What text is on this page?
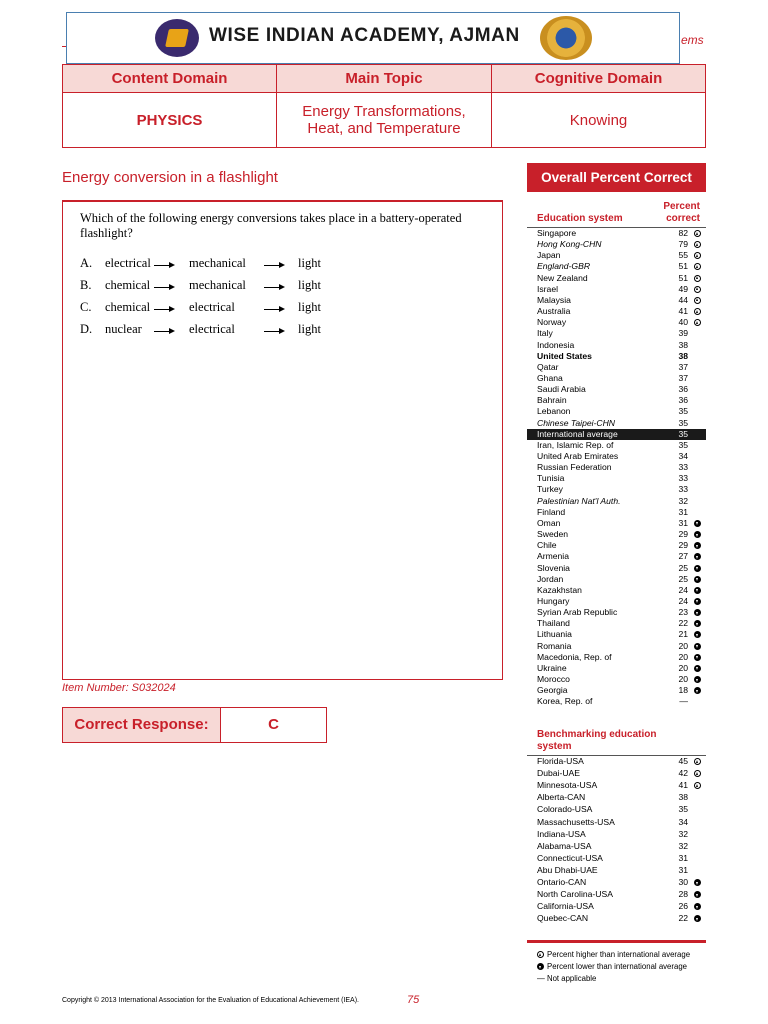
WISE INDIAN ACADEMY, AJMAN	ems
Content Domain	Main Topic	Cognitive Domain
PHYSICS	Energy Transformations, Heat, and Temperature	Knowing
Energy conversion in a flashlight
Which of the following energy conversions takes place in a battery-operated flashlight?
A. electrical	mechanical	light
B. chemical	mechanical	light
C. chemical	electrical	light
D. nuclear	electrical	light
Item Number: S032024
Correct Response:	C
Overall Percent Correct
Education system
Percent correct
Singapore	82
Hong Kong-CHN	79
Japan	55
England-GBR	51
New Zealand	51
Israel	49
Malaysia	44
Australia	41
Norway	40
Italy	39
Indonesia	38
United States	38
Qatar	37
Ghana	37
Saudi Arabia	36
Bahrain	36
Lebanon	35
Chinese Taipei-CHN	35
International average	35
Iran, Islamic Rep. of	35
United Arab Emirates	34
Russian Federation	33
Tunisia	33
Turkey	33
Palestinian Nat'l Auth.	32
Finland	31
Oman	31
Sweden	29
Chile	29
Armenia	27
Slovenia	25
Jordan	25
Kazakhstan	24
Hungary	24
Syrian Arab Republic	23
Thailand	22
Lithuania	21
Romania	20
Macedonia, Rep. of	20
Ukraine	20
Morocco	20
Georgia	18
Korea, Rep. of	—
Benchmarking education system
Florida-USA	45
Dubai-UAE	42
Minnesota-USA	41
Alberta-CAN	38
Colorado-USA	35
Massachusetts-USA	34
Indiana-USA	32
Alabama-USA	32
Connecticut-USA	31
Abu Dhabi-UAE	31
Ontario-CAN	30
North Carolina-USA	28
California-USA	26
Quebec-CAN	22
Percent higher than international average
Percent lower than international average
— Not applicable
Copyright © 2013 International Association for the Evaluation of Educational Achievement (IEA).	75
